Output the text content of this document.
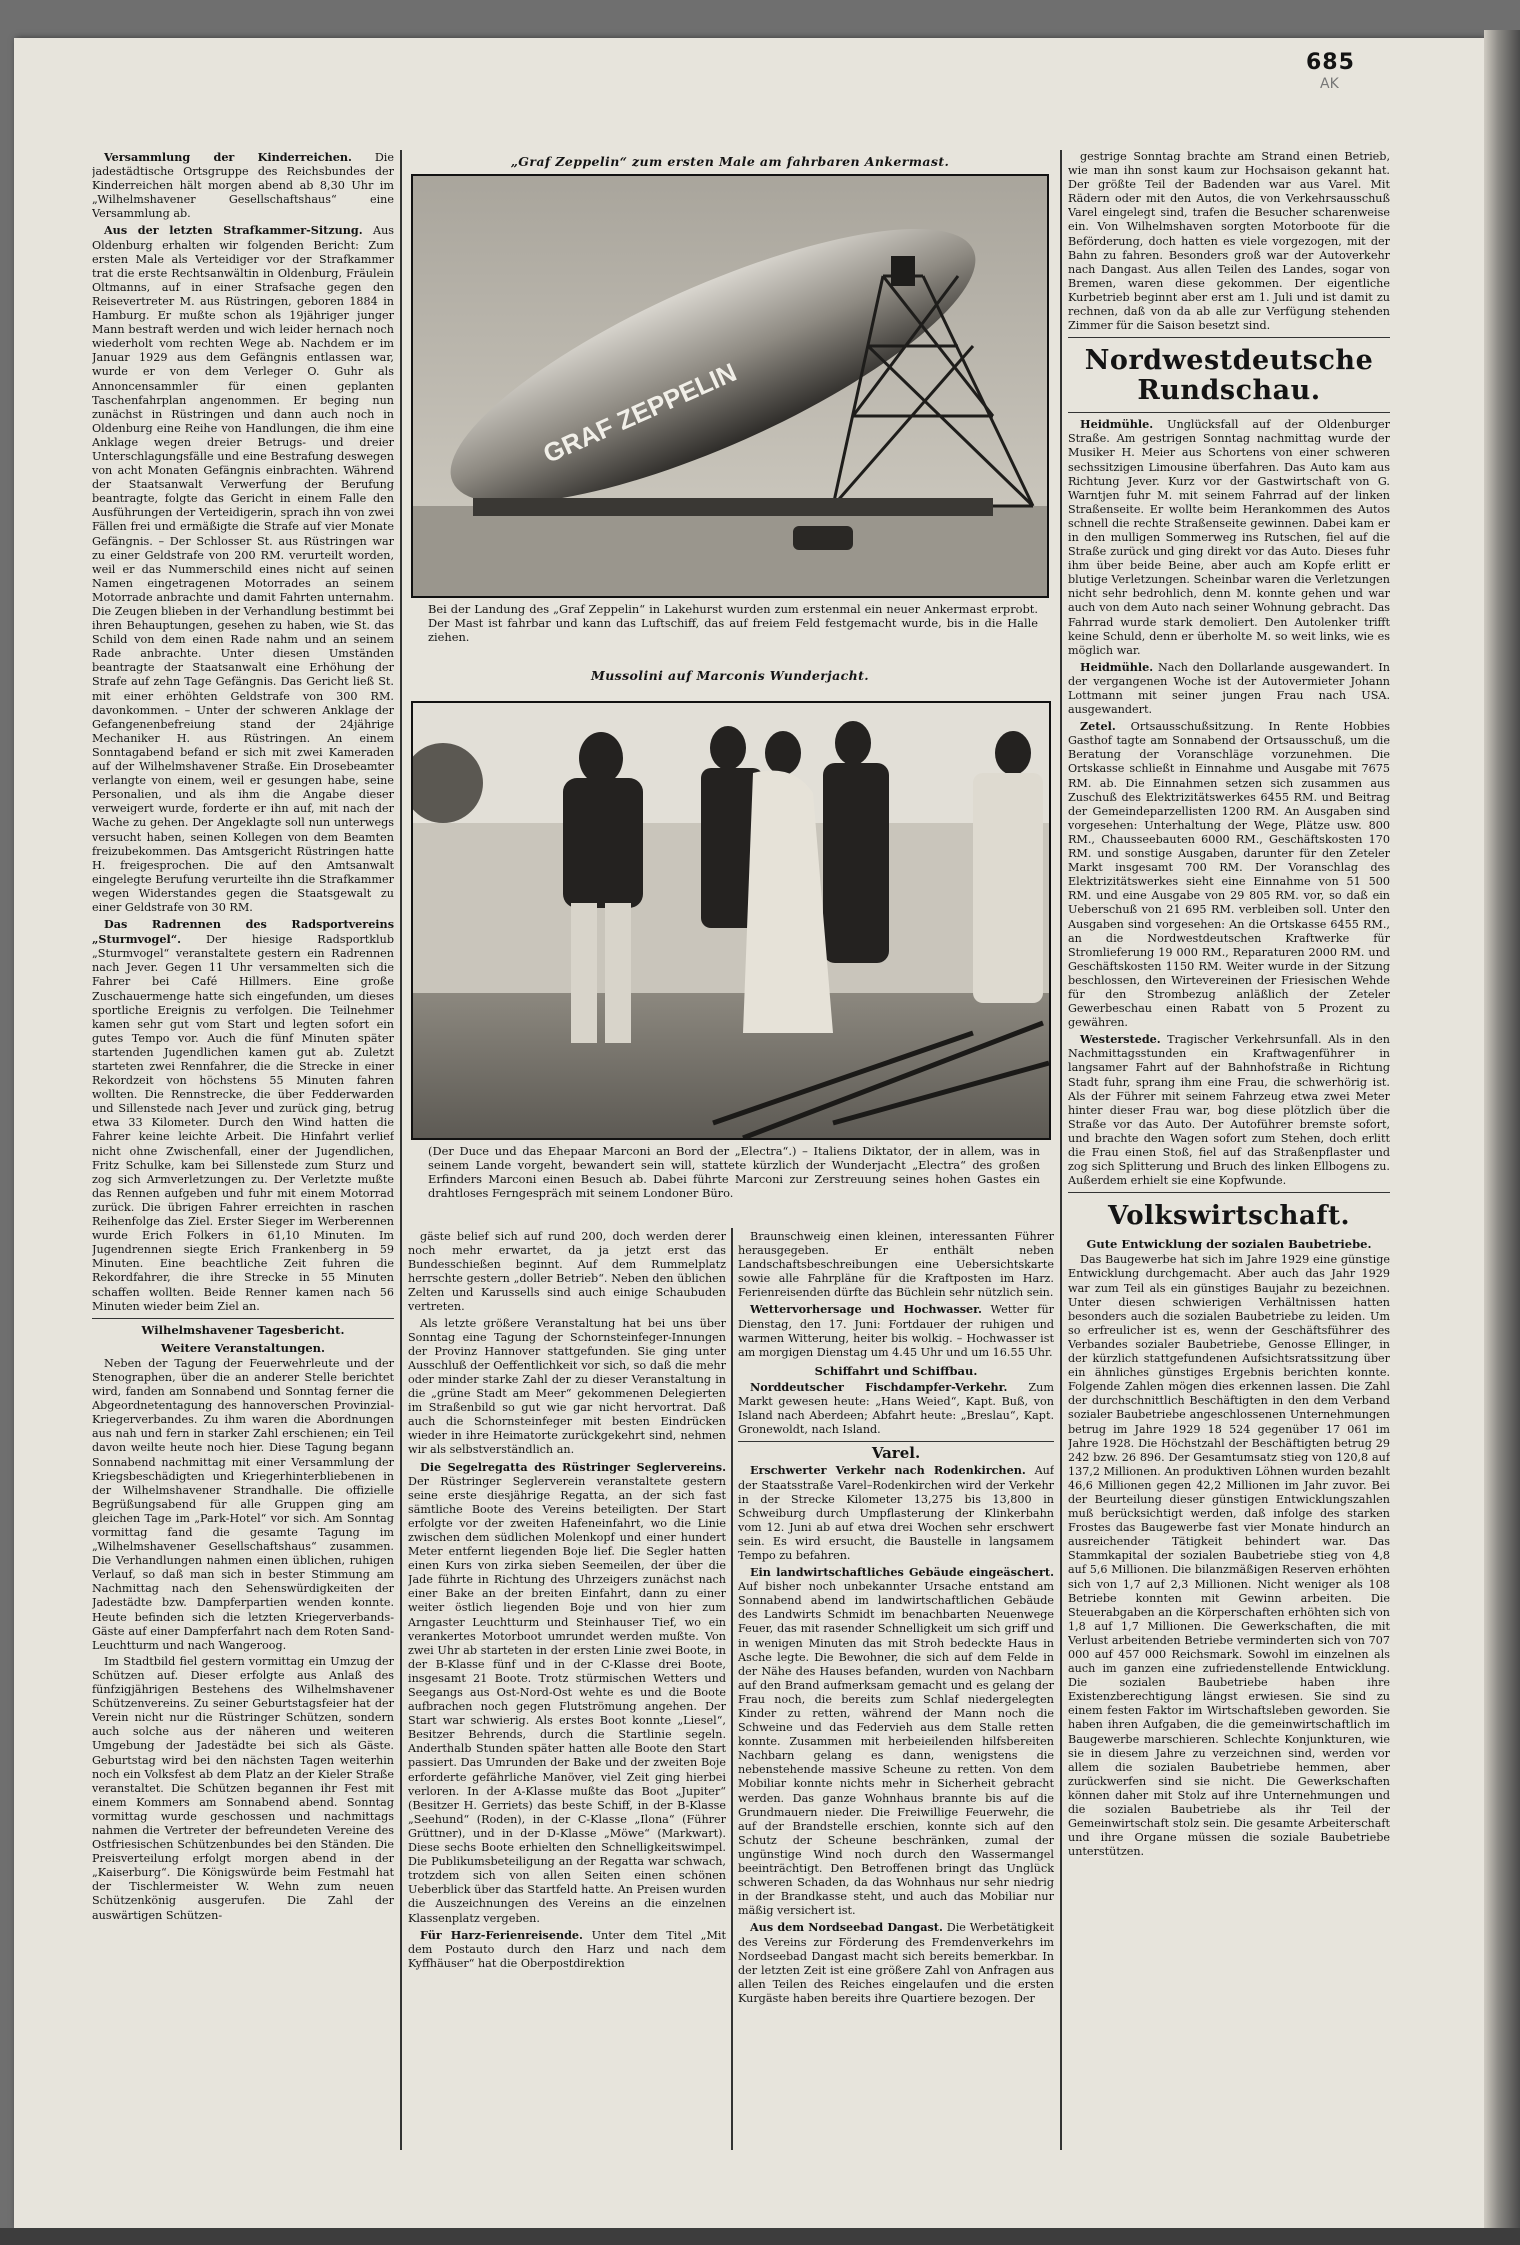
685
AK

Versammlung der Kinderreichen. Die jadestädtische Ortsgruppe des Reichsbundes der Kinderreichen hält morgen abend ab 8,30 Uhr im „Wilhelmshavener Gesellschaftshaus“ eine Versammlung ab.

Aus der letzten Strafkammer-Sitzung. Aus Oldenburg erhalten wir folgenden Bericht: Zum ersten Male als Verteidiger vor der Strafkammer trat die erste Rechtsanwältin in Oldenburg, Fräulein Oltmanns, auf in einer Strafsache gegen den Reisevertreter M. aus Rüstringen, geboren 1884 in Hamburg. Er mußte schon als 19jähriger junger Mann bestraft werden und wich leider hernach noch wiederholt vom rechten Wege ab. Nachdem er im Januar 1929 aus dem Gefängnis entlassen war, wurde er von dem Verleger O. Guhr als Annoncensammler für einen geplanten Taschenfahrplan angenommen. Er beging nun zunächst in Rüstringen und dann auch noch in Oldenburg eine Reihe von Handlungen, die ihm eine Anklage wegen dreier Betrugs- und dreier Unterschlagungsfälle und eine Bestrafung deswegen von acht Monaten Gefängnis einbrachten. Während der Staatsanwalt Verwerfung der Berufung beantragte, folgte das Gericht in einem Falle den Ausführungen der Verteidigerin, sprach ihn von zwei Fällen frei und ermäßigte die Strafe auf vier Monate Gefängnis. – Der Schlosser St. aus Rüstringen war zu einer Geldstrafe von 200 RM. verurteilt worden, weil er das Nummerschild eines nicht auf seinen Namen eingetragenen Motorrades an seinem Motorrade anbrachte und damit Fahrten unternahm. Die Zeugen blieben in der Verhandlung bestimmt bei ihren Behauptungen, gesehen zu haben, wie St. das Schild von dem einen Rade nahm und an seinem Rade anbrachte. Unter diesen Umständen beantragte der Staatsanwalt eine Erhöhung der Strafe auf zehn Tage Gefängnis. Das Gericht ließ St. mit einer erhöhten Geldstrafe von 300 RM. davonkommen. – Unter der schweren Anklage der Gefangenenbefreiung stand der 24jährige Mechaniker H. aus Rüstringen. An einem Sonntagabend befand er sich mit zwei Kameraden auf der Wilhelmshavener Straße. Ein Drosebeamter verlangte von einem, weil er gesungen habe, seine Personalien, und als ihm die Angabe dieser verweigert wurde, forderte er ihn auf, mit nach der Wache zu gehen. Der Angeklagte soll nun unterwegs versucht haben, seinen Kollegen von dem Beamten freizubekommen. Das Amtsgericht Rüstringen hatte H. freigesprochen. Die auf den Amtsanwalt eingelegte Berufung verurteilte ihn die Strafkammer wegen Widerstandes gegen die Staatsgewalt zu einer Geldstrafe von 30 RM.

Das Radrennen des Radsportvereins „Sturmvogel“. Der hiesige Radsportklub „Sturmvogel“ veranstaltete gestern ein Radrennen nach Jever. Gegen 11 Uhr versammelten sich die Fahrer bei Café Hillmers. Eine große Zuschauermenge hatte sich eingefunden, um dieses sportliche Ereignis zu verfolgen. Die Teilnehmer kamen sehr gut vom Start und legten sofort ein gutes Tempo vor. Auch die fünf Minuten später startenden Jugendlichen kamen gut ab. Zuletzt starteten zwei Rennfahrer, die die Strecke in einer Rekordzeit von höchstens 55 Minuten fahren wollten. Die Rennstrecke, die über Fedderwarden und Sillenstede nach Jever und zurück ging, betrug etwa 33 Kilometer. Durch den Wind hatten die Fahrer keine leichte Arbeit. Die Hinfahrt verlief nicht ohne Zwischenfall, einer der Jugendlichen, Fritz Schulke, kam bei Sillenstede zum Sturz und zog sich Armverletzungen zu. Der Verletzte mußte das Rennen aufgeben und fuhr mit einem Motorrad zurück. Die übrigen Fahrer erreichten in raschen Reihenfolge das Ziel. Erster Sieger im Werberennen wurde Erich Folkers in 61,10 Minuten. Im Jugendrennen siegte Erich Frankenberg in 59 Minuten. Eine beachtliche Zeit fuhren die Rekordfahrer, die ihre Strecke in 55 Minuten schaffen wollten. Beide Renner kamen nach 56 Minuten wieder beim Ziel an.

Wilhelmshavener Tagesbericht.
Weitere Veranstaltungen.

Neben der Tagung der Feuerwehrleute und der Stenographen, über die an anderer Stelle berichtet wird, fanden am Sonnabend und Sonntag ferner die Abgeordnetentagung des hannoverschen Provinzial-Kriegerverbandes. Zu ihm waren die Abordnungen aus nah und fern in starker Zahl erschienen; ein Teil davon weilte heute noch hier. Diese Tagung begann Sonnabend nachmittag mit einer Versammlung der Kriegsbeschädigten und Kriegerhinterbliebenen in der Wilhelmshavener Strandhalle. Die offizielle Begrüßungsabend für alle Gruppen ging am gleichen Tage im „Park-Hotel“ vor sich. Am Sonntag vormittag fand die gesamte Tagung im „Wilhelmshavener Gesellschaftshaus“ zusammen. Die Verhandlungen nahmen einen üblichen, ruhigen Verlauf, so daß man sich in bester Stimmung am Nachmittag nach den Sehenswürdigkeiten der Jadestädte bzw. Dampferpartien wenden konnte. Heute befinden sich die letzten Kriegerverbands-Gäste auf einer Dampferfahrt nach dem Roten Sand-Leuchtturm und nach Wangeroog.

Im Stadtbild fiel gestern vormittag ein Umzug der Schützen auf. Dieser erfolgte aus Anlaß des fünfzigjährigen Bestehens des Wilhelmshavener Schützenvereins. Zu seiner Geburtstagsfeier hat der Verein nicht nur die Rüstringer Schützen, sondern auch solche aus der näheren und weiteren Umgebung der Jadestädte bei sich als Gäste. Geburtstag wird bei den nächsten Tagen weiterhin noch ein Volksfest ab dem Platz an der Kieler Straße veranstaltet. Die Schützen begannen ihr Fest mit einem Kommers am Sonnabend abend. Sonntag vormittag wurde geschossen und nachmittags nahmen die Vertreter der befreundeten Vereine des Ostfriesischen Schützenbundes bei den Ständen. Die Preisverteilung erfolgt morgen abend in der „Kaiserburg“. Die Königswürde beim Festmahl hat der Tischlermeister W. Wehn zum neuen Schützenkönig ausgerufen. Die Zahl der auswärtigen Schützen-

„Graf Zeppelin“ zum ersten Male am fahrbaren Ankermast.
GRAF ZEPPELIN
Bei der Landung des „Graf Zeppelin“ in Lakehurst wurden zum erstenmal ein neuer Ankermast erprobt. Der Mast ist fahrbar und kann das Luftschiff, das auf freiem Feld festgemacht wurde, bis in die Halle ziehen.
Mussolini auf Marconis Wunderjacht.
(Der Duce und das Ehepaar Marconi an Bord der „Electra“.) – Italiens Diktator, der in allem, was in seinem Lande vorgeht, bewandert sein will, stattete kürzlich der Wunderjacht „Electra“ des großen Erfinders Marconi einen Besuch ab. Dabei führte Marconi zur Zerstreuung seines hohen Gastes ein drahtloses Ferngespräch mit seinem Londoner Büro.

gäste belief sich auf rund 200, doch werden derer noch mehr erwartet, da ja jetzt erst das Bundesschießen beginnt. Auf dem Rummelplatz herrschte gestern „doller Betrieb“. Neben den üblichen Zelten und Karussells sind auch einige Schaubuden vertreten.

Als letzte größere Veranstaltung hat bei uns über Sonntag eine Tagung der Schornsteinfeger-Innungen der Provinz Hannover stattgefunden. Sie ging unter Ausschluß der Oeffentlichkeit vor sich, so daß die mehr oder minder starke Zahl der zu dieser Veranstaltung in die „grüne Stadt am Meer“ gekommenen Delegierten im Straßenbild so gut wie gar nicht hervortrat. Daß auch die Schornsteinfeger mit besten Eindrücken wieder in ihre Heimatorte zurückgekehrt sind, nehmen wir als selbstverständlich an.

Die Segelregatta des Rüstringer Seglervereins. Der Rüstringer Seglerverein veranstaltete gestern seine erste diesjährige Regatta, an der sich fast sämtliche Boote des Vereins beteiligten. Der Start erfolgte vor der zweiten Hafeneinfahrt, wo die Linie zwischen dem südlichen Molenkopf und einer hundert Meter entfernt liegenden Boje lief. Die Segler hatten einen Kurs von zirka sieben Seemeilen, der über die Jade führte in Richtung des Uhrzeigers zunächst nach einer Bake an der breiten Einfahrt, dann zu einer weiter östlich liegenden Boje und von hier zum Arngaster Leuchtturm und Steinhauser Tief, wo ein verankertes Motorboot umrundet werden mußte. Von zwei Uhr ab starteten in der ersten Linie zwei Boote, in der B-Klasse fünf und in der C-Klasse drei Boote, insgesamt 21 Boote. Trotz stürmischen Wetters und Seegangs aus Ost-Nord-Ost wehte es und die Boote aufbrachen noch gegen Flutströmung angehen. Der Start war schwierig. Als erstes Boot konnte „Liesel“, Besitzer Behrends, durch die Startlinie segeln. Anderthalb Stunden später hatten alle Boote den Start passiert. Das Umrunden der Bake und der zweiten Boje erforderte gefährliche Manöver, viel Zeit ging hierbei verloren. In der A-Klasse mußte das Boot „Jupiter“ (Besitzer H. Gerriets) das beste Schiff, in der B-Klasse „Seehund“ (Roden), in der C-Klasse „Ilona“ (Führer Grüttner), und in der D-Klasse „Möwe“ (Markwart). Diese sechs Boote erhielten den Schnelligkeitswimpel. Die Publikumsbeteiligung an der Regatta war schwach, trotzdem sich von allen Seiten einen schönen Ueberblick über das Startfeld hatte. An Preisen wurden die Auszeichnungen des Vereins an die einzelnen Klassenplatz vergeben.

Für Harz-Ferienreisende. Unter dem Titel „Mit dem Postauto durch den Harz und nach dem Kyffhäuser“ hat die Oberpostdirektion

Braunschweig einen kleinen, interessanten Führer herausgegeben. Er enthält neben Landschaftsbeschreibungen eine Uebersichtskarte sowie alle Fahrpläne für die Kraftposten im Harz. Ferienreisenden dürfte das Büchlein sehr nützlich sein.

Wettervorhersage und Hochwasser. Wetter für Dienstag, den 17. Juni: Fortdauer der ruhigen und warmen Witterung, heiter bis wolkig. – Hochwasser ist am morgigen Dienstag um 4.45 Uhr und um 16.55 Uhr.

Schiffahrt und Schiffbau.

Norddeutscher Fischdampfer-Verkehr. Zum Markt gewesen heute: „Hans Weied“, Kapt. Buß, von Island nach Aberdeen; Abfahrt heute: „Breslau“, Kapt. Gronewoldt, nach Island.

Varel.

Erschwerter Verkehr nach Rodenkirchen. Auf der Staatsstraße Varel–Rodenkirchen wird der Verkehr in der Strecke Kilometer 13,275 bis 13,800 in Schweiburg durch Umpflasterung der Klinkerbahn vom 12. Juni ab auf etwa drei Wochen sehr erschwert sein. Es wird ersucht, die Baustelle in langsamem Tempo zu befahren.

Ein landwirtschaftliches Gebäude eingeäschert. Auf bisher noch unbekannter Ursache entstand am Sonnabend abend im landwirtschaftlichen Gebäude des Landwirts Schmidt im benachbarten Neuenwege Feuer, das mit rasender Schnelligkeit um sich griff und in wenigen Minuten das mit Stroh bedeckte Haus in Asche legte. Die Bewohner, die sich auf dem Felde in der Nähe des Hauses befanden, wurden von Nachbarn auf den Brand aufmerksam gemacht und es gelang der Frau noch, die bereits zum Schlaf niedergelegten Kinder zu retten, während der Mann noch die Schweine und das Federvieh aus dem Stalle retten konnte. Zusammen mit herbeieilenden hilfsbereiten Nachbarn gelang es dann, wenigstens die nebenstehende massive Scheune zu retten. Von dem Mobiliar konnte nichts mehr in Sicherheit gebracht werden. Das ganze Wohnhaus brannte bis auf die Grundmauern nieder. Die Freiwillige Feuerwehr, die auf der Brandstelle erschien, konnte sich auf den Schutz der Scheune beschränken, zumal der ungünstige Wind noch durch den Wassermangel beeinträchtigt. Den Betroffenen bringt das Unglück schweren Schaden, da das Wohnhaus nur sehr niedrig in der Brandkasse steht, und auch das Mobiliar nur mäßig versichert ist.

Aus dem Nordseebad Dangast. Die Werbetätigkeit des Vereins zur Förderung des Fremdenverkehrs im Nordseebad Dangast macht sich bereits bemerkbar. In der letzten Zeit ist eine größere Zahl von Anfragen aus allen Teilen des Reiches eingelaufen und die ersten Kurgäste haben bereits ihre Quartiere bezogen. Der

gestrige Sonntag brachte am Strand einen Betrieb, wie man ihn sonst kaum zur Hochsaison gekannt hat. Der größte Teil der Badenden war aus Varel. Mit Rädern oder mit den Autos, die von Verkehrsausschuß Varel eingelegt sind, trafen die Besucher scharenweise ein. Von Wilhelmshaven sorgten Motorboote für die Beförderung, doch hatten es viele vorgezogen, mit der Bahn zu fahren. Besonders groß war der Autoverkehr nach Dangast. Aus allen Teilen des Landes, sogar von Bremen, waren diese gekommen. Der eigentliche Kurbetrieb beginnt aber erst am 1. Juli und ist damit zu rechnen, daß von da ab alle zur Verfügung stehenden Zimmer für die Saison besetzt sind.

Nordwestdeutsche Rundschau.

Heidmühle. Unglücksfall auf der Oldenburger Straße. Am gestrigen Sonntag nachmittag wurde der Musiker H. Meier aus Schortens von einer schweren sechssitzigen Limousine überfahren. Das Auto kam aus Richtung Jever. Kurz vor der Gastwirtschaft von G. Warntjen fuhr M. mit seinem Fahrrad auf der linken Straßenseite. Er wollte beim Herankommen des Autos schnell die rechte Straßenseite gewinnen. Dabei kam er in den mulligen Sommerweg ins Rutschen, fiel auf die Straße zurück und ging direkt vor das Auto. Dieses fuhr ihm über beide Beine, aber auch am Kopfe erlitt er blutige Verletzungen. Scheinbar waren die Verletzungen nicht sehr bedrohlich, denn M. konnte gehen und war auch von dem Auto nach seiner Wohnung gebracht. Das Fahrrad wurde stark demoliert. Den Autolenker trifft keine Schuld, denn er überholte M. so weit links, wie es möglich war.

Heidmühle. Nach den Dollarlande ausgewandert. In der vergangenen Woche ist der Autovermieter Johann Lottmann mit seiner jungen Frau nach USA. ausgewandert.

Zetel. Ortsausschußsitzung. In Rente Hobbies Gasthof tagte am Sonnabend der Ortsausschuß, um die Beratung der Voranschläge vorzunehmen. Die Ortskasse schließt in Einnahme und Ausgabe mit 7675 RM. ab. Die Einnahmen setzen sich zusammen aus Zuschuß des Elektrizitätswerkes 6455 RM. und Beitrag der Gemeindeparzellisten 1200 RM. An Ausgaben sind vorgesehen: Unterhaltung der Wege, Plätze usw. 800 RM., Chausseebauten 6000 RM., Geschäftskosten 170 RM. und sonstige Ausgaben, darunter für den Zeteler Markt insgesamt 700 RM. Der Voranschlag des Elektrizitätswerkes sieht eine Einnahme von 51 500 RM. und eine Ausgabe von 29 805 RM. vor, so daß ein Ueberschuß von 21 695 RM. verbleiben soll. Unter den Ausgaben sind vorgesehen: An die Ortskasse 6455 RM., an die Nordwestdeutschen Kraftwerke für Stromlieferung 19 000 RM., Reparaturen 2000 RM. und Geschäftskosten 1150 RM. Weiter wurde in der Sitzung beschlossen, den Wirtevereinen der Friesischen Wehde für den Strombezug anläßlich der Zeteler Gewerbeschau einen Rabatt von 5 Prozent zu gewähren.

Westerstede. Tragischer Verkehrsunfall. Als in den Nachmittagsstunden ein Kraftwagenführer in langsamer Fahrt auf der Bahnhofstraße in Richtung Stadt fuhr, sprang ihm eine Frau, die schwerhörig ist. Als der Führer mit seinem Fahrzeug etwa zwei Meter hinter dieser Frau war, bog diese plötzlich über die Straße vor das Auto. Der Autoführer bremste sofort, und brachte den Wagen sofort zum Stehen, doch erlitt die Frau einen Stoß, fiel auf das Straßenpflaster und zog sich Splitterung und Bruch des linken Ellbogens zu. Außerdem erhielt sie eine Kopfwunde.

Volkswirtschaft.
Gute Entwicklung der sozialen Baubetriebe.

Das Baugewerbe hat sich im Jahre 1929 eine günstige Entwicklung durchgemacht. Aber auch das Jahr 1929 war zum Teil als ein günstiges Baujahr zu bezeichnen. Unter diesen schwierigen Verhältnissen hatten besonders auch die sozialen Baubetriebe zu leiden. Um so erfreulicher ist es, wenn der Geschäftsführer des Verbandes sozialer Baubetriebe, Genosse Ellinger, in der kürzlich stattgefundenen Aufsichtsratssitzung über ein ähnliches günstiges Ergebnis berichten konnte. Folgende Zahlen mögen dies erkennen lassen. Die Zahl der durchschnittlich Beschäftigten in den dem Verband sozialer Baubetriebe angeschlossenen Unternehmungen betrug im Jahre 1929 18 524 gegenüber 17 061 im Jahre 1928. Die Höchstzahl der Beschäftigten betrug 29 242 bzw. 26 896. Der Gesamtumsatz stieg von 120,8 auf 137,2 Millionen. An produktiven Löhnen wurden bezahlt 46,6 Millionen gegen 42,2 Millionen im Jahr zuvor. Bei der Beurteilung dieser günstigen Entwicklungszahlen muß berücksichtigt werden, daß infolge des starken Frostes das Baugewerbe fast vier Monate hindurch an ausreichender Tätigkeit behindert war. Das Stammkapital der sozialen Baubetriebe stieg von 4,8 auf 5,6 Millionen. Die bilanzmäßigen Reserven erhöhten sich von 1,7 auf 2,3 Millionen. Nicht weniger als 108 Betriebe konnten mit Gewinn arbeiten. Die Steuerabgaben an die Körperschaften erhöhten sich von 1,8 auf 1,7 Millionen. Die Gewerkschaften, die mit Verlust arbeitenden Betriebe verminderten sich von 707 000 auf 457 000 Reichsmark. Sowohl im einzelnen als auch im ganzen eine zufriedenstellende Entwicklung. Die sozialen Baubetriebe haben ihre Existenzberechtigung längst erwiesen. Sie sind zu einem festen Faktor im Wirtschaftsleben geworden. Sie haben ihren Aufgaben, die die gemeinwirtschaftlich im Baugewerbe marschieren. Schlechte Konjunkturen, wie sie in diesem Jahre zu verzeichnen sind, werden vor allem die sozialen Baubetriebe hemmen, aber zurückwerfen sind sie nicht. Die Gewerkschaften können daher mit Stolz auf ihre Unternehmungen und die sozialen Baubetriebe als ihr Teil der Gemeinwirtschaft stolz sein. Die gesamte Arbeiterschaft und ihre Organe müssen die soziale Baubetriebe unterstützen.
